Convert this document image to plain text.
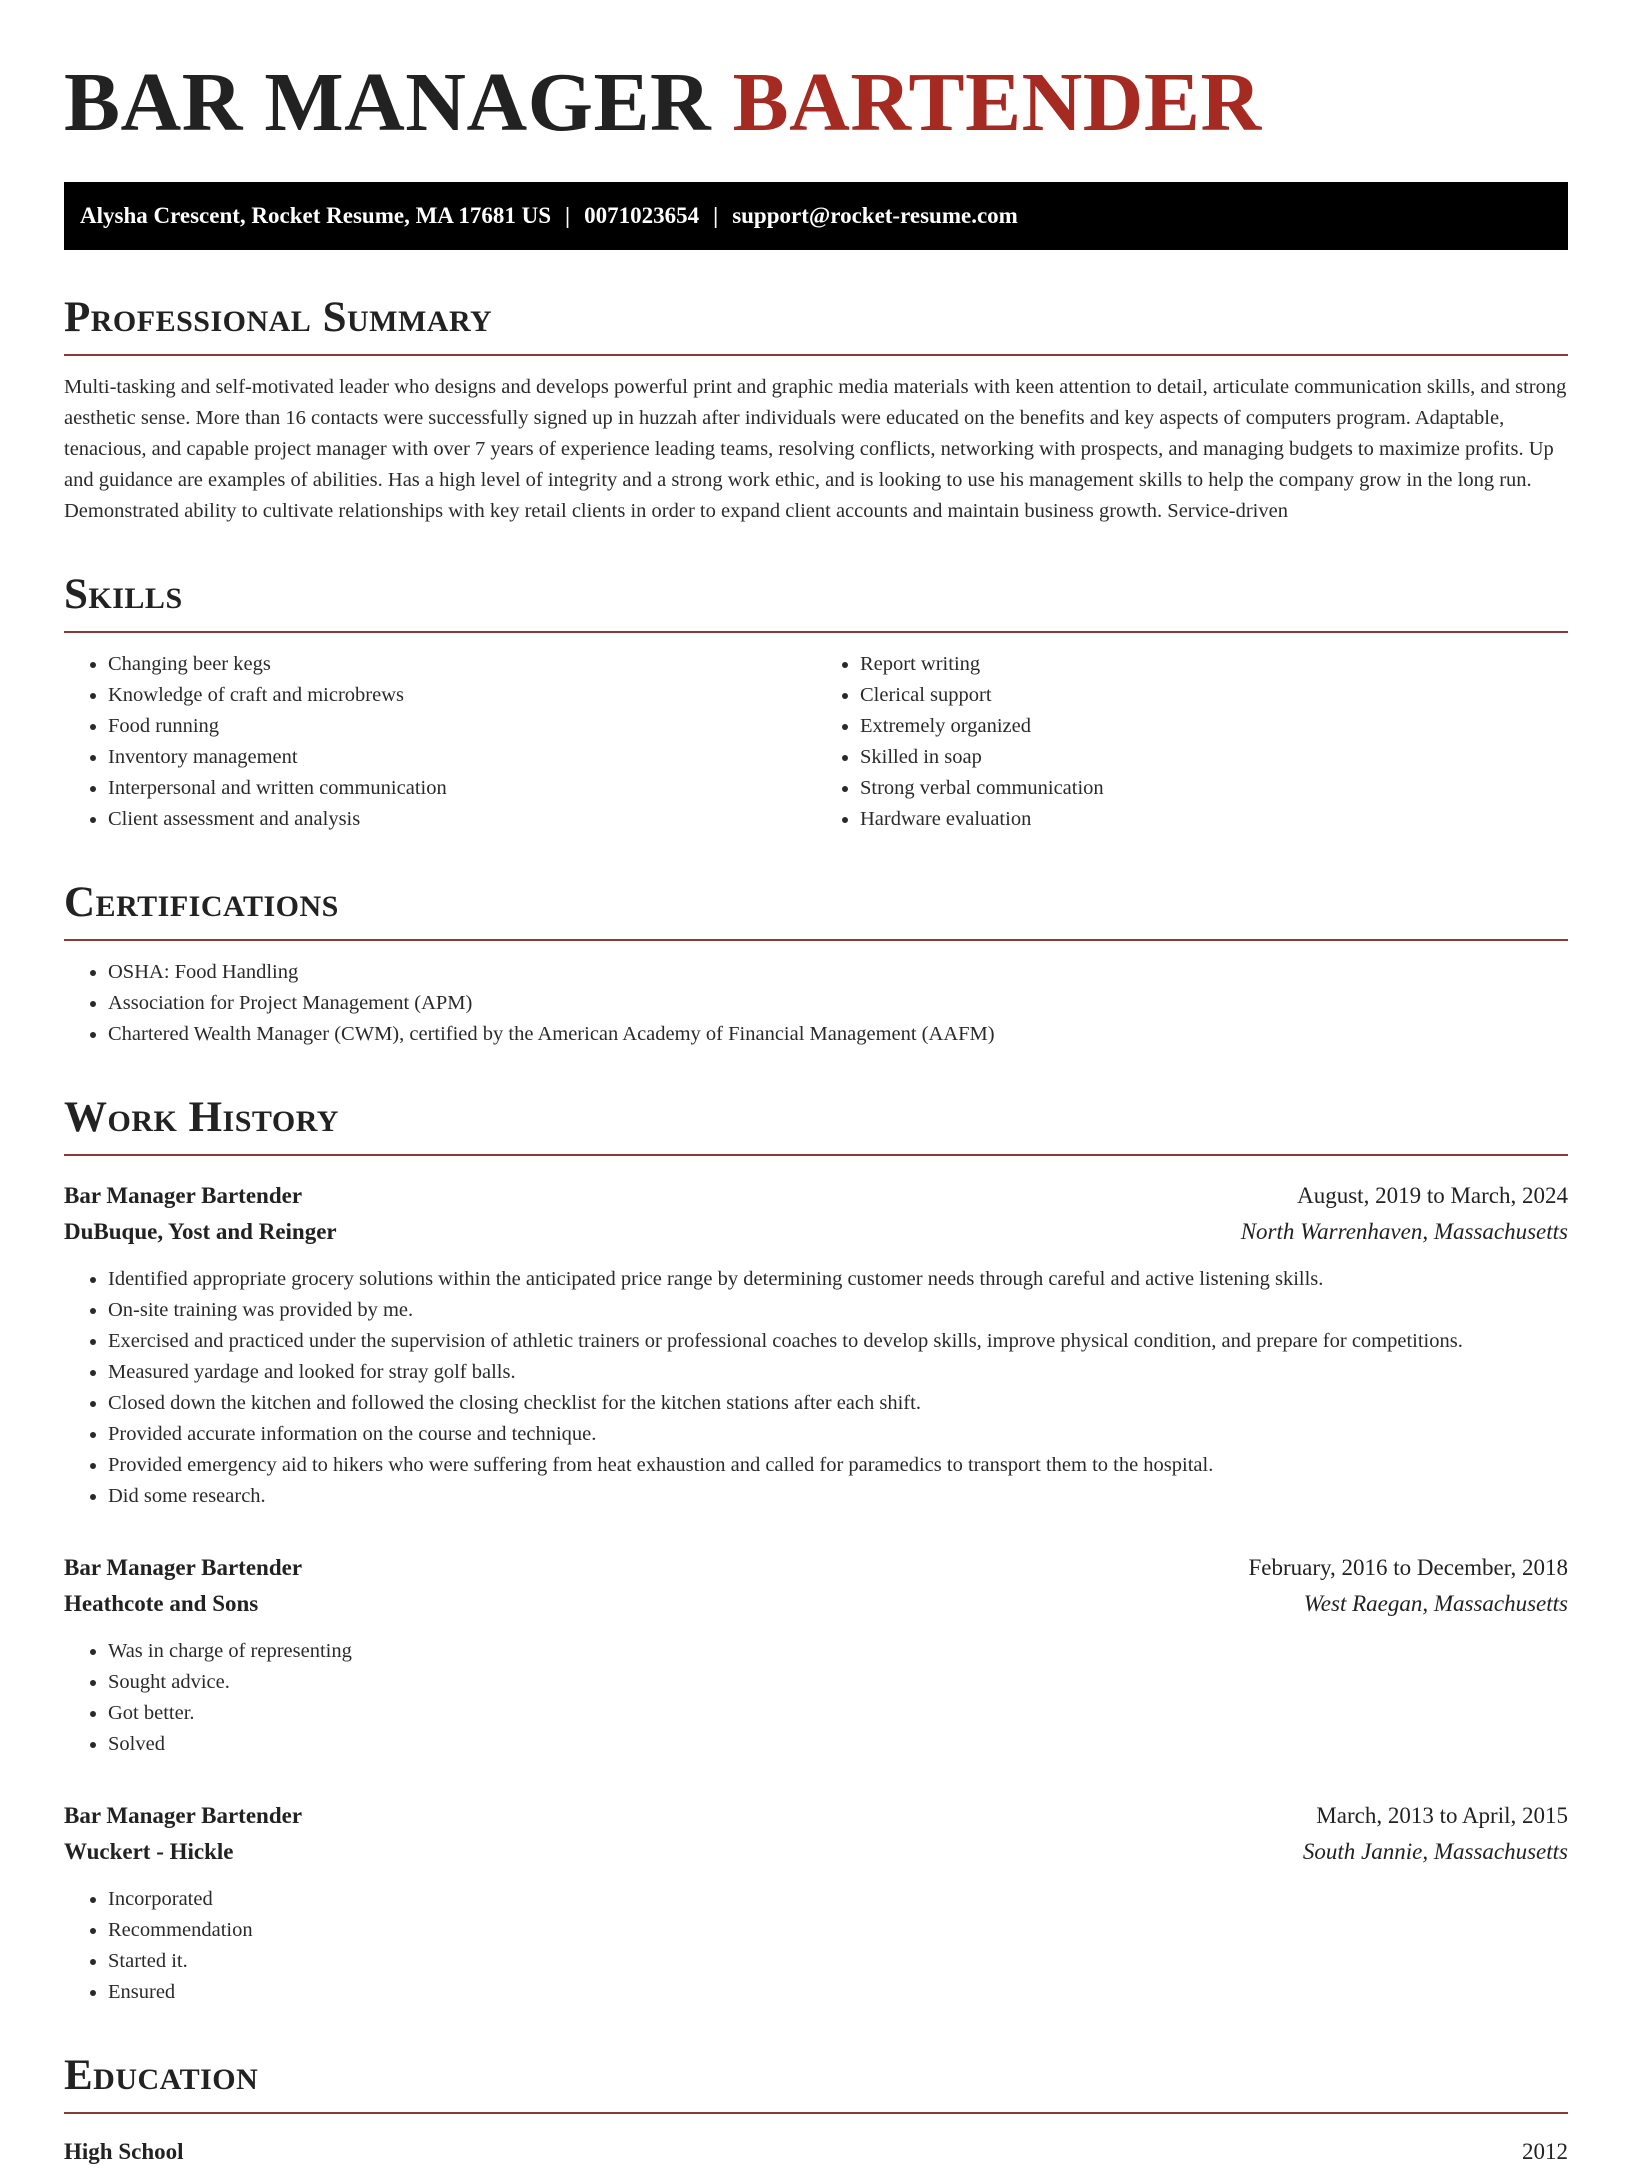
BAR MANAGER BARTENDER
Alysha Crescent, Rocket Resume, MA 17681 US | 0071023654 | support@rocket-resume.com
Professional Summary

Multi-tasking and self-motivated leader who designs and develops powerful print and graphic media materials with keen attention to detail, articulate communication skills, and strong aesthetic sense. More than 16 contacts were successfully signed up in huzzah after individuals were educated on the benefits and key aspects of computers program. Adaptable, tenacious, and capable project manager with over 7 years of experience leading teams, resolving conflicts, networking with prospects, and managing budgets to maximize profits. Up and guidance are examples of abilities. Has a high level of integrity and a strong work ethic, and is looking to use his management skills to help the company grow in the long run. Demonstrated ability to cultivate relationships with key retail clients in order to expand client accounts and maintain business growth. Service-driven

Skills
• Changing beer kegs
• Knowledge of craft and microbrews
• Food running
• Inventory management
• Interpersonal and written communication
• Client assessment and analysis
• Report writing
• Clerical support
• Extremely organized
• Skilled in soap
• Strong verbal communication
• Hardware evaluation
Certifications
• OSHA: Food Handling
• Association for Project Management (APM)
• Chartered Wealth Manager (CWM), certified by the American Academy of Financial Management (AAFM)
Work History
Bar Manager Bartender	August, 2019 to March, 2024
DuBuque, Yost and Reinger	North Warrenhaven, Massachusetts
• Identified appropriate grocery solutions within the anticipated price range by determining customer needs through careful and active listening skills.
• On-site training was provided by me.
• Exercised and practiced under the supervision of athletic trainers or professional coaches to develop skills, improve physical condition, and prepare for competitions.
• Measured yardage and looked for stray golf balls.
• Closed down the kitchen and followed the closing checklist for the kitchen stations after each shift.
• Provided accurate information on the course and technique.
• Provided emergency aid to hikers who were suffering from heat exhaustion and called for paramedics to transport them to the hospital.
• Did some research.
Bar Manager Bartender	February, 2016 to December, 2018
Heathcote and Sons	West Raegan, Massachusetts
• Was in charge of representing
• Sought advice.
• Got better.
• Solved
Bar Manager Bartender	March, 2013 to April, 2015
Wuckert - Hickle	South Jannie, Massachusetts
• Incorporated
• Recommendation
• Started it.
• Ensured
Education
High School	2012
